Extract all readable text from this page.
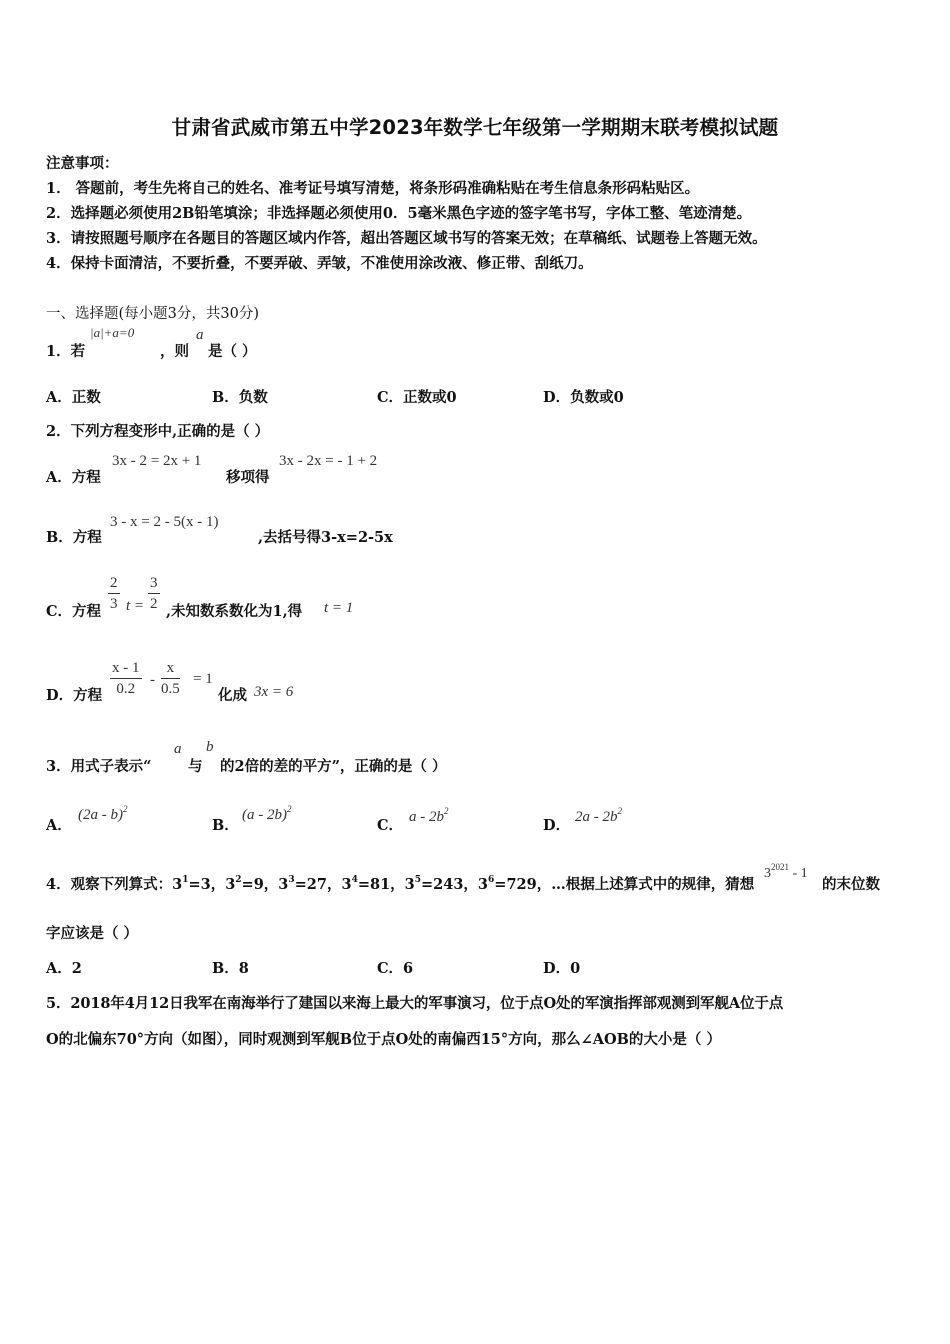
甘肃省武威市第五中学2023年数学七年级第一学期期末联考模拟试题
注意事项：
1． 答题前，考生先将自己的姓名、准考证号填写清楚，将条形码准确粘贴在考生信息条形码粘贴区。
2．选择题必须使用2B铅笔填涂；非选择题必须使用0．5毫米黑色字迹的签字笔书写，字体工整、笔迹清楚。
3．请按照题号顺序在各题目的答题区域内作答，超出答题区域书写的答案无效；在草稿纸、试题卷上答题无效。
4．保持卡面清洁，不要折叠，不要弄破、弄皱，不准使用涂改液、修正带、刮纸刀。
一、选择题(每小题3分，共30分)
1．若
|a|+a=0
，则
a
是（ ）
A．正数	B．负数	C．正数或0	D．负数或0
2．下列方程变形中,正确的是（ ）
A．方程
3x - 2 = 2x + 1
移项得
3x - 2x = - 1 + 2
B．方程
3 - x = 2 - 5(x - 1)
,去括号得3-x=2-5x
C．方程 $\frac{2}{3}$ $t = \frac{3}{2}$ ,未知数系数化为1,得 t = 1
D．方程 $\frac{x - 1}{0.2} - \frac{x}{0.5} = 1$
化成 3x = 6
3．用式子表示“
a
与
b
的2倍的差的平方”，正确的是（ ）
A．
(2a - b)$^2$
B．
(a - 2b)$^2$
C． a - $2b^2$
D． $2a - 2b^2$
4．观察下列算式：$3^1=3$，$3^2=9$，$3^3=27$，$3^4=81$，$3^5=243$，$3^6=729$，…根据上述算式中的规律，猜想
$3^{2021} - 1$
的末位数
字应该是（ ）
A．2	B．8	C．6	D．0
5．2018年4月12日我军在南海举行了建国以来海上最大的军事演习，位于点O处的军演指挥部观测到军舰A位于点
O的北偏东70°方向（如图），同时观测到军舰B位于点O处的南偏西15°方向，那么∠AOB的大小是（ ）
